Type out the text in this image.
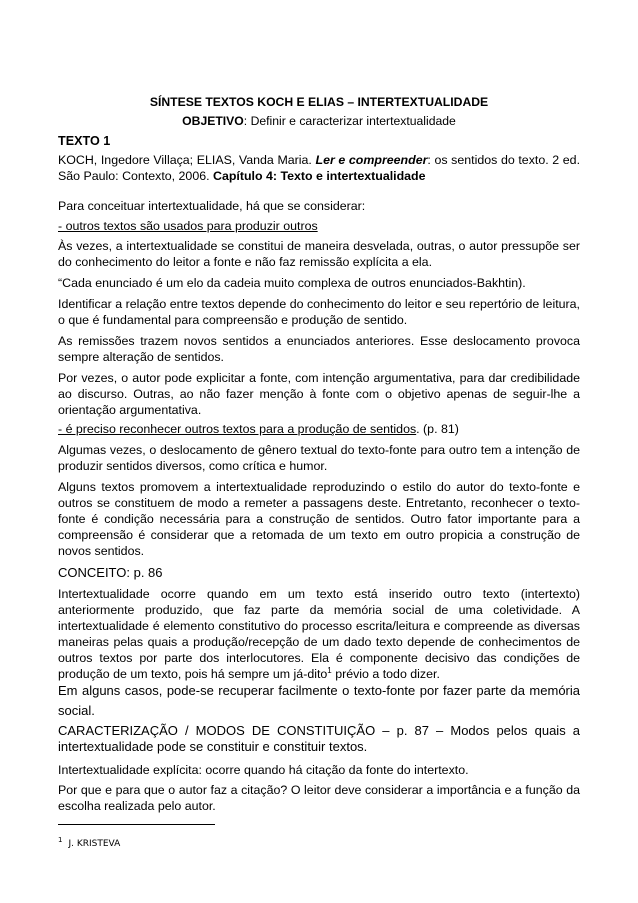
SÍNTESE TEXTOS KOCH E ELIAS – INTERTEXTUALIDADE

OBJETIVO: Definir e caracterizar intertextualidade

TEXTO 1

KOCH, Ingedore Villaça; ELIAS, Vanda Maria. Ler e compreender: os sentidos do texto. 2 ed. São Paulo: Contexto, 2006. Capítulo 4: Texto e intertextualidade

Para conceituar intertextualidade, há que se considerar:

- outros textos são usados para produzir outros

Às vezes, a intertextualidade se constitui de maneira desvelada, outras, o autor pressupõe ser do conhecimento do leitor a fonte e não faz remissão explícita a ela.

“Cada enunciado é um elo da cadeia muito complexa de outros enunciados-Bakhtin).

Identificar a relação entre textos depende do conhecimento do leitor e seu repertório de leitura, o que é fundamental para compreensão e produção de sentido.

As remissões trazem novos sentidos a enunciados anteriores. Esse deslocamento provoca sempre alteração de sentidos.

Por vezes, o autor pode explicitar a fonte, com intenção argumentativa, para dar credibilidade ao discurso. Outras, ao não fazer menção à fonte com o objetivo apenas de seguir-lhe a orientação argumentativa.

- é preciso reconhecer outros textos para a produção de sentidos. (p. 81)

Algumas vezes, o deslocamento de gênero textual do texto-fonte para outro tem a intenção de produzir sentidos diversos, como crítica e humor.

Alguns textos promovem a intertextualidade reproduzindo o estilo do autor do texto-fonte e outros se constituem de modo a remeter a passagens deste. Entretanto, reconhecer o texto-fonte é condição necessária para a construção de sentidos. Outro fator importante para a compreensão é considerar que a retomada de um texto em outro propicia a construção de novos sentidos.

CONCEITO: p. 86

Intertextualidade ocorre quando em um texto está inserido outro texto (intertexto) anteriormente produzido, que faz parte da memória social de uma coletividade. A intertextualidade é elemento constitutivo do processo escrita/leitura e compreende as diversas maneiras pelas quais a produção/recepção de um dado texto depende de conhecimentos de outros textos por parte dos interlocutores. Ela é componente decisivo das condições de produção de um texto, pois há sempre um já-dito$^1$ prévio a todo dizer.

Em alguns casos, pode-se recuperar facilmente o texto-fonte por fazer parte da memória social.

CARACTERIZAÇÃO / MODOS DE CONSTITUIÇÃO – p. 87 – Modos pelos quais a intertextualidade pode se constituir e constituir textos.

Intertextualidade explícita: ocorre quando há citação da fonte do intertexto.

Por que e para que o autor faz a citação? O leitor deve considerar a importância e a função da escolha realizada pelo autor.

$^1$ J. KRISTEVA
